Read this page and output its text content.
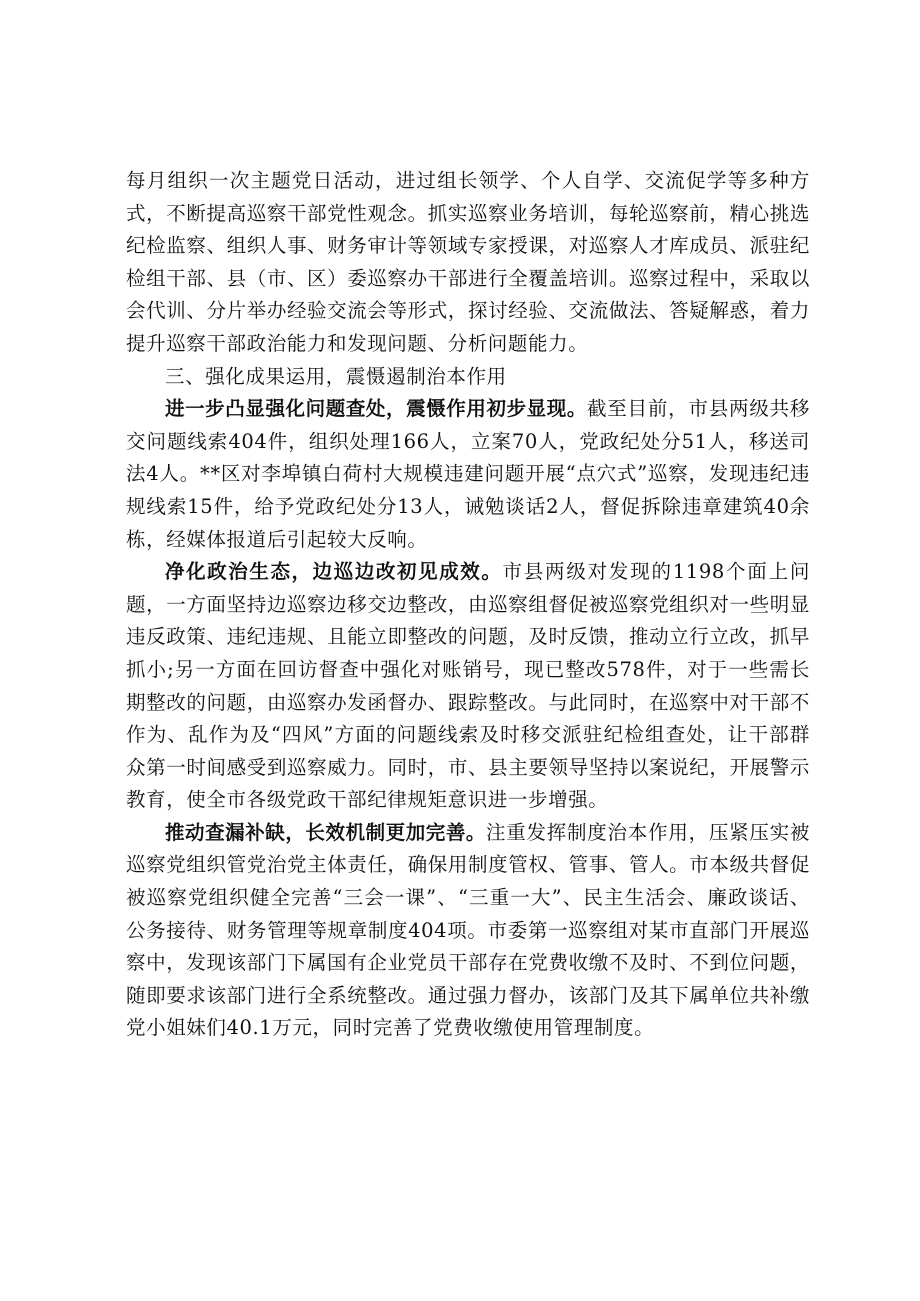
每月组织一次主题党日活动，进过组长领学、个人自学、交流促学等多种方式，不断提高巡察干部党性观念。抓实巡察业务培训，每轮巡察前，精心挑选纪检监察、组织人事、财务审计等领域专家授课，对巡察人才库成员、派驻纪检组干部、县（市、区）委巡察办干部进行全覆盖培训。巡察过程中，采取以会代训、分片举办经验交流会等形式，探讨经验、交流做法、答疑解惑，着力提升巡察干部政治能力和发现问题、分析问题能力。

三、强化成果运用，震慑遏制治本作用

进一步凸显强化问题查处，震慑作用初步显现。截至目前，市县两级共移交问题线索404件，组织处理166人，立案70人，党政纪处分51人，移送司法4人。**区对李埠镇白荷村大规模违建问题开展“点穴式”巡察，发现违纪违规线索15件，给予党政纪处分13人，诫勉谈话2人，督促拆除违章建筑40余栋，经媒体报道后引起较大反响。

净化政治生态，边巡边改初见成效。市县两级对发现的1198个面上问题，一方面坚持边巡察边移交边整改，由巡察组督促被巡察党组织对一些明显违反政策、违纪违规、且能立即整改的问题，及时反馈，推动立行立改，抓早抓小;另一方面在回访督查中强化对账销号，现已整改578件，对于一些需长期整改的问题，由巡察办发函督办、跟踪整改。与此同时，在巡察中对干部不作为、乱作为及“四风”方面的问题线索及时移交派驻纪检组查处，让干部群众第一时间感受到巡察威力。同时，市、县主要领导坚持以案说纪，开展警示教育，使全市各级党政干部纪律规矩意识进一步增强。

推动查漏补缺，长效机制更加完善。注重发挥制度治本作用，压紧压实被巡察党组织管党治党主体责任，确保用制度管权、管事、管人。市本级共督促被巡察党组织健全完善“三会一课”、“三重一大”、民主生活会、廉政谈话、公务接待、财务管理等规章制度404项。市委第一巡察组对某市直部门开展巡察中，发现该部门下属国有企业党员干部存在党费收缴不及时、不到位问题，随即要求该部门进行全系统整改。通过强力督办，该部门及其下属单位共补缴党小姐妹们40.1万元，同时完善了党费收缴使用管理制度。
